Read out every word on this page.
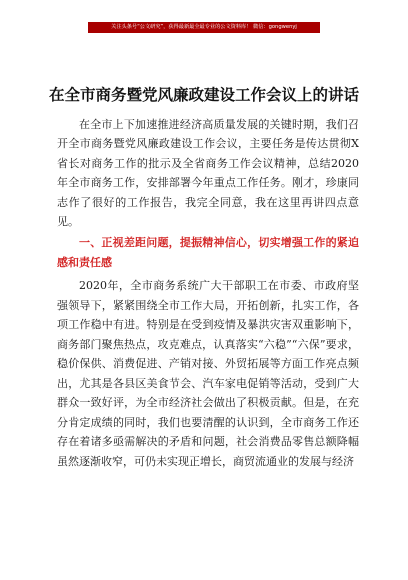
关注头条号“公文研究”，获得最新最全最专业的公文资料库！ 微信：gongwenyj
在全市商务暨党风廉政建设工作会议上的讲话

在全市上下加速推进经济高质量发展的关键时期，我们召开全市商务暨党风廉政建设工作会议，主要任务是传达贯彻X省长对商务工作的批示及全省商务工作会议精神，总结2020年全市商务工作，安排部署今年重点工作任务。刚才，珍康同志作了很好的工作报告，我完全同意，我在这里再讲四点意见。

一、正视差距问题，提振精神信心，切实增强工作的紧迫感和责任感

2020年，全市商务系统广大干部职工在市委、市政府坚强领导下，紧紧围绕全市工作大局，开拓创新，扎实工作，各项工作稳中有进。特别是在受到疫情及暴洪灾害双重影响下，商务部门聚焦热点，攻克难点，认真落实“六稳”“六保”要求，稳价保供、消费促进、产销对接、外贸拓展等方面工作亮点频出，尤其是各县区美食节会、汽车家电促销等活动，受到广大群众一致好评，为全市经济社会做出了积极贡献。但是，在充分肯定成绩的同时，我们也要清醒的认识到，全市商务工作还存在着诸多亟需解决的矛盾和问题，社会消费品零售总额降幅虽然逐渐收窄，可仍未实现正增长，商贸流通业的发展与经济
